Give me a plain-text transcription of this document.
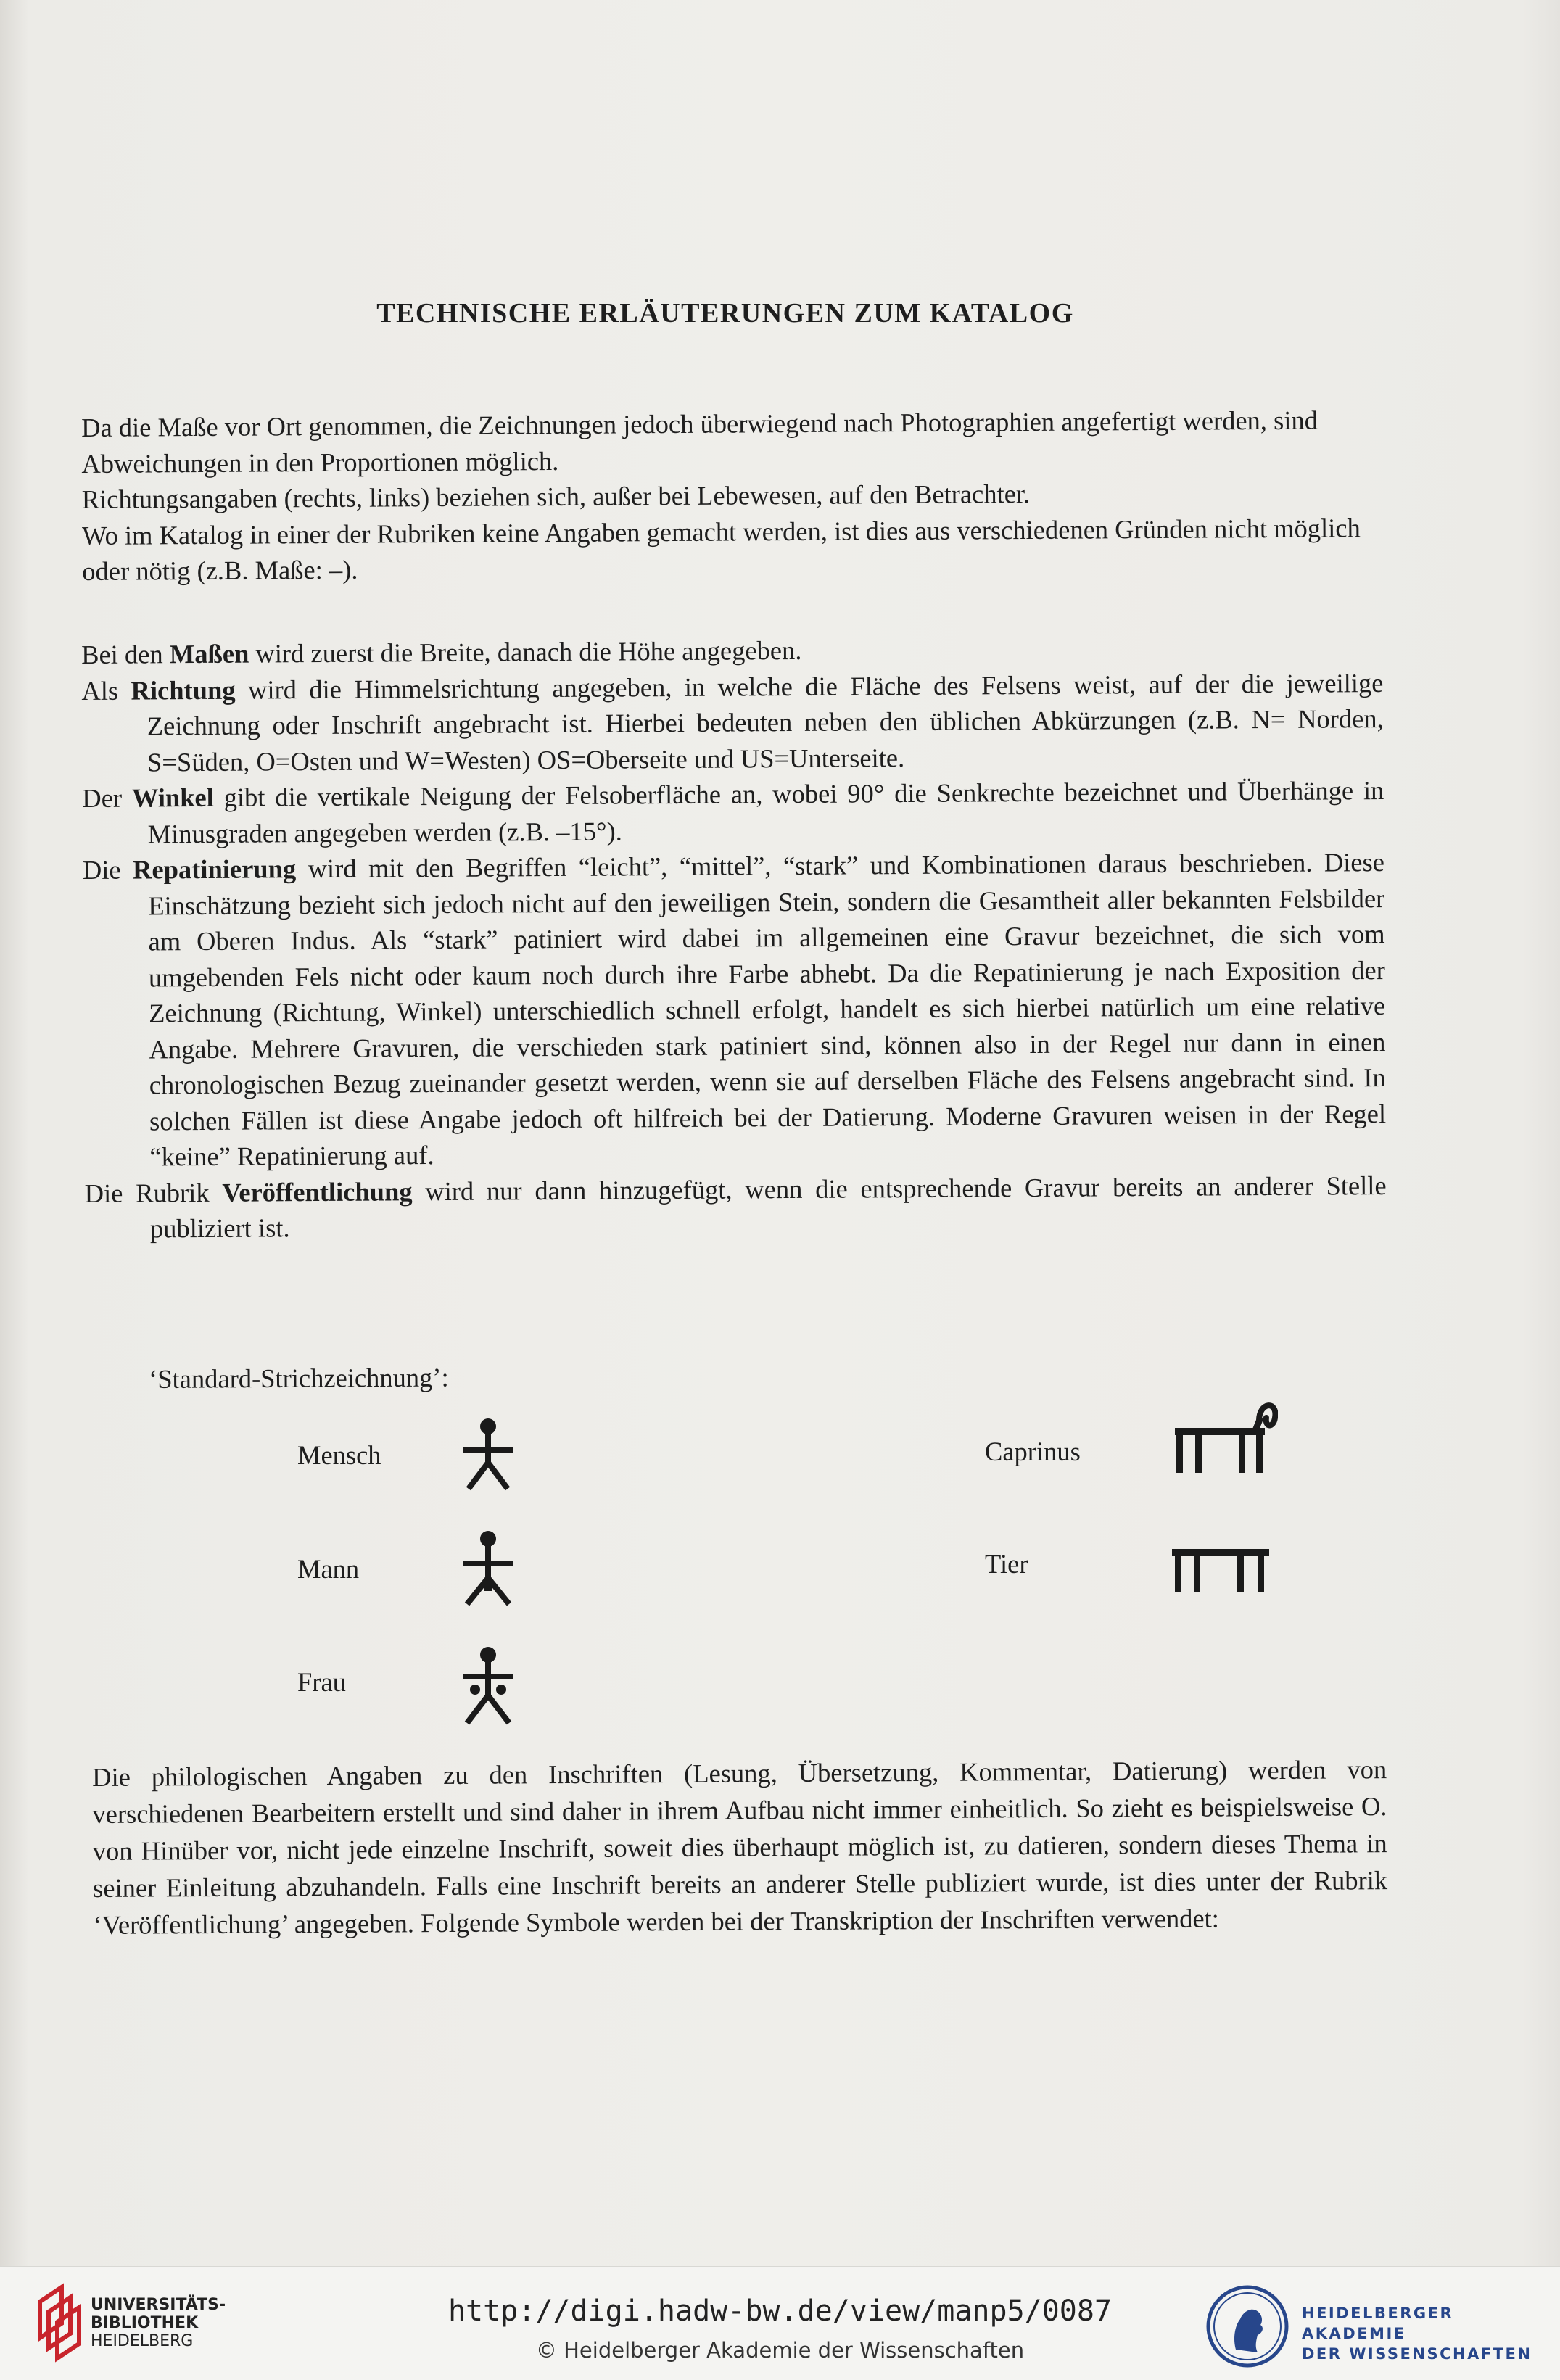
TECHNISCHE ERLÄUTERUNGEN ZUM KATALOG

Da die Maße vor Ort genommen, die Zeichnungen jedoch überwiegend nach Photographien angefertigt werden, sind Abweichungen in den Proportionen möglich.

Richtungsangaben (rechts, links) beziehen sich, außer bei Lebewesen, auf den Betrachter.

Wo im Katalog in einer der Rubriken keine Angaben gemacht werden, ist dies aus verschiedenen Gründen nicht möglich oder nötig (z.B. Maße: –).

Bei den Maßen wird zuerst die Breite, danach die Höhe angegeben.

Als Richtung wird die Himmelsrichtung angegeben, in welche die Fläche des Felsens weist, auf der die jeweilige Zeichnung oder Inschrift angebracht ist. Hierbei bedeuten neben den üblichen Abkürzungen (z.B. N= Norden, S=Süden, O=Osten und W=Westen) OS=Oberseite und US=Unterseite.

Der Winkel gibt die vertikale Neigung der Felsoberfläche an, wobei 90° die Senkrechte bezeichnet und Überhänge in Minusgraden angegeben werden (z.B. –15°).

Die Repatinierung wird mit den Begriffen “leicht”, “mittel”, “stark” und Kombinationen daraus beschrieben. Diese Einschätzung bezieht sich jedoch nicht auf den jeweiligen Stein, sondern die Gesamtheit aller bekannten Felsbilder am Oberen Indus. Als “stark” patiniert wird dabei im allgemeinen eine Gravur bezeichnet, die sich vom umgebenden Fels nicht oder kaum noch durch ihre Farbe abhebt. Da die Repatinierung je nach Exposition der Zeichnung (Richtung, Winkel) unterschiedlich schnell erfolgt, handelt es sich hierbei natürlich um eine relative Angabe. Mehrere Gravuren, die verschieden stark patiniert sind, können also in der Regel nur dann in einen chronologischen Bezug zueinander gesetzt werden, wenn sie auf derselben Fläche des Felsens angebracht sind. In solchen Fällen ist diese Angabe jedoch oft hilfreich bei der Datierung. Moderne Gravuren weisen in der Regel “keine” Repatinierung auf.

Die Rubrik Veröffentlichung wird nur dann hinzugefügt, wenn die entsprechende Gravur bereits an anderer Stelle publiziert ist.

‘Standard-Strichzeichnung’:
Mensch
Mann
Frau
Caprinus
Tier

Die philologischen Angaben zu den Inschriften (Lesung, Übersetzung, Kommentar, Datierung) werden von verschiedenen Bearbeitern erstellt und sind daher in ihrem Aufbau nicht immer einheitlich. So zieht es beispielsweise O. von Hinüber vor, nicht jede einzelne Inschrift, soweit dies überhaupt möglich ist, zu datieren, sondern dieses Thema in seiner Einleitung abzuhandeln. Falls eine Inschrift bereits an anderer Stelle publiziert wurde, ist dies unter der Rubrik ‘Veröffentlichung’ angegeben. Folgende Symbole werden bei der Transkription der Inschriften verwendet:

UNIVERSITÄTS-
BIBLIOTHEK
HEIDELBERG
http://digi.hadw-bw.de/view/manp5/0087
© Heidelberger Akademie der Wissenschaften
HEIDELBERGER AKADEMIE
DER WISSENSCHAFTEN
